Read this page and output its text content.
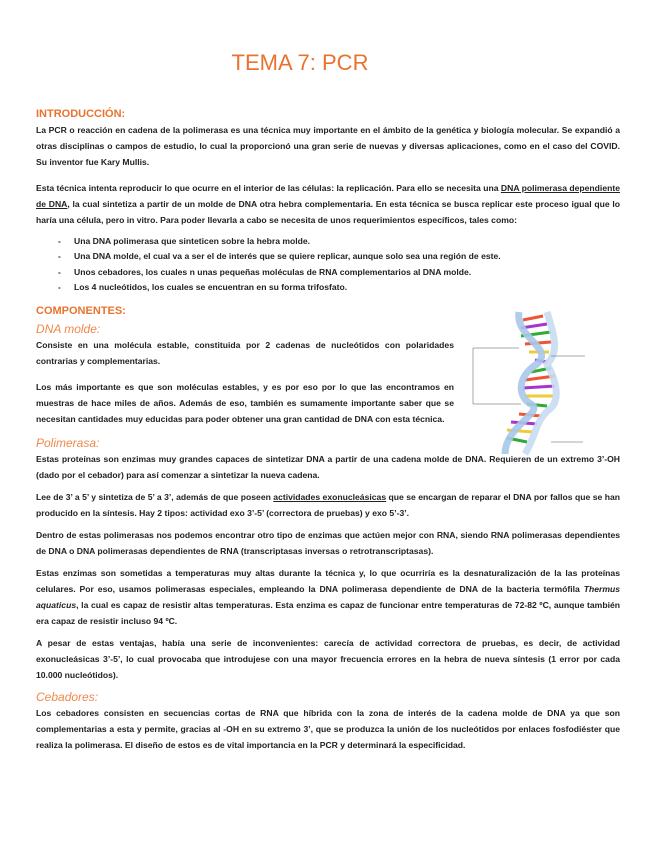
TEMA 7: PCR
INTRODUCCIÓN:

La PCR o reacción en cadena de la polimerasa es una técnica muy importante en el ámbito de la genética y biología molecular. Se expandió a otras disciplinas o campos de estudio, lo cual la proporcionó una gran serie de nuevas y diversas aplicaciones, como en el caso del COVID. Su inventor fue Kary Mullis.

Esta técnica intenta reproducir lo que ocurre en el interior de las células: la replicación. Para ello se necesita una DNA polimerasa dependiente de DNA, la cual sintetiza a partir de un molde de DNA otra hebra complementaria. En esta técnica se busca replicar este proceso igual que lo haría una célula, pero in vitro. Para poder llevarla a cabo se necesita de unos requerimientos específicos, tales como:

- Una DNA polimerasa que sinteticen sobre la hebra molde.
- Una DNA molde, el cual va a ser el de interés que se quiere replicar, aunque solo sea una región de este.
- Unos cebadores, los cuales n unas pequeñas moléculas de RNA complementarios al DNA molde.
- Los 4 nucleótidos, los cuales se encuentran en su forma trifosfato.
COMPONENTES:
DNA molde:

Consiste en una molécula estable, constituida por 2 cadenas de nucleótidos con polaridades contrarias y complementarias.

Los más importante es que son moléculas estables, y es por eso por lo que las encontramos en muestras de hace miles de años. Además de eso, también es sumamente importante saber que se necesitan cantidades muy educidas para poder obtener una gran cantidad de DNA con esta técnica.

Polimerasa:

Estas proteínas son enzimas muy grandes capaces de sintetizar DNA a partir de una cadena molde de DNA. Requieren de un extremo 3’-OH (dado por el cebador) para así comenzar a sintetizar la nueva cadena.

Lee de 3’ a 5’ y sintetiza de 5’ a 3’, además de que poseen actividades exonucleásicas que se encargan de reparar el DNA por fallos que se han producido en la síntesis. Hay 2 tipos: actividad exo 3’-5’ (correctora de pruebas) y exo 5’-3’.

Dentro de estas polimerasas nos podemos encontrar otro tipo de enzimas que actúen mejor con RNA, siendo RNA polimerasas dependientes de DNA o DNA polimerasas dependientes de RNA (transcriptasas inversas o retrotranscriptasas).

Estas enzimas son sometidas a temperaturas muy altas durante la técnica y, lo que ocurriría es la desnaturalización de la las proteínas celulares. Por eso, usamos polimerasas especiales, empleando la DNA polimerasa dependiente de DNA de la bacteria termófila Thermus aquaticus, la cual es capaz de resistir altas temperaturas. Esta enzima es capaz de funcionar entre temperaturas de 72-82 ºC, aunque también era capaz de resistir incluso 94 ºC.

A pesar de estas ventajas, había una serie de inconvenientes: carecía de actividad correctora de pruebas, es decir, de actividad exonucleásicas 3’-5’, lo cual provocaba que introdujese con una mayor frecuencia errores en la hebra de nueva síntesis (1 error por cada 10.000 nucleótidos).

Cebadores:

Los cebadores consisten en secuencias cortas de RNA que híbrida con la zona de interés de la cadena molde de DNA ya que son complementarias a esta y permite, gracias al -OH en su extremo 3’, que se produzca la unión de los nucleótidos por enlaces fosfodiéster que realiza la polimerasa. El diseño de estos es de vital importancia en la PCR y determinará la especificidad.
